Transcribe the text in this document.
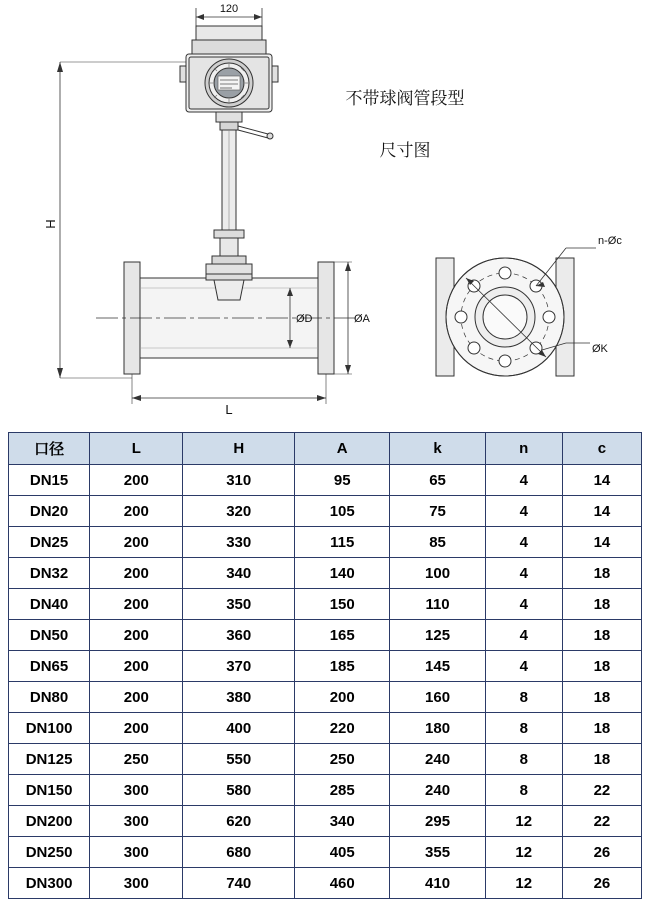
120
H
ØD	ØA
L
n-Øc
ØK

不带球阀管段型

尺寸图

口径	L	H	A	k	n	c
DN15	200	310	95	65	4	14
DN20	200	320	105	75	4	14
DN25	200	330	115	85	4	14
DN32	200	340	140	100	4	18
DN40	200	350	150	110	4	18
DN50	200	360	165	125	4	18
DN65	200	370	185	145	4	18
DN80	200	380	200	160	8	18
DN100	200	400	220	180	8	18
DN125	250	550	250	240	8	18
DN150	300	580	285	240	8	22
DN200	300	620	340	295	12	22
DN250	300	680	405	355	12	26
DN300	300	740	460	410	12	26
